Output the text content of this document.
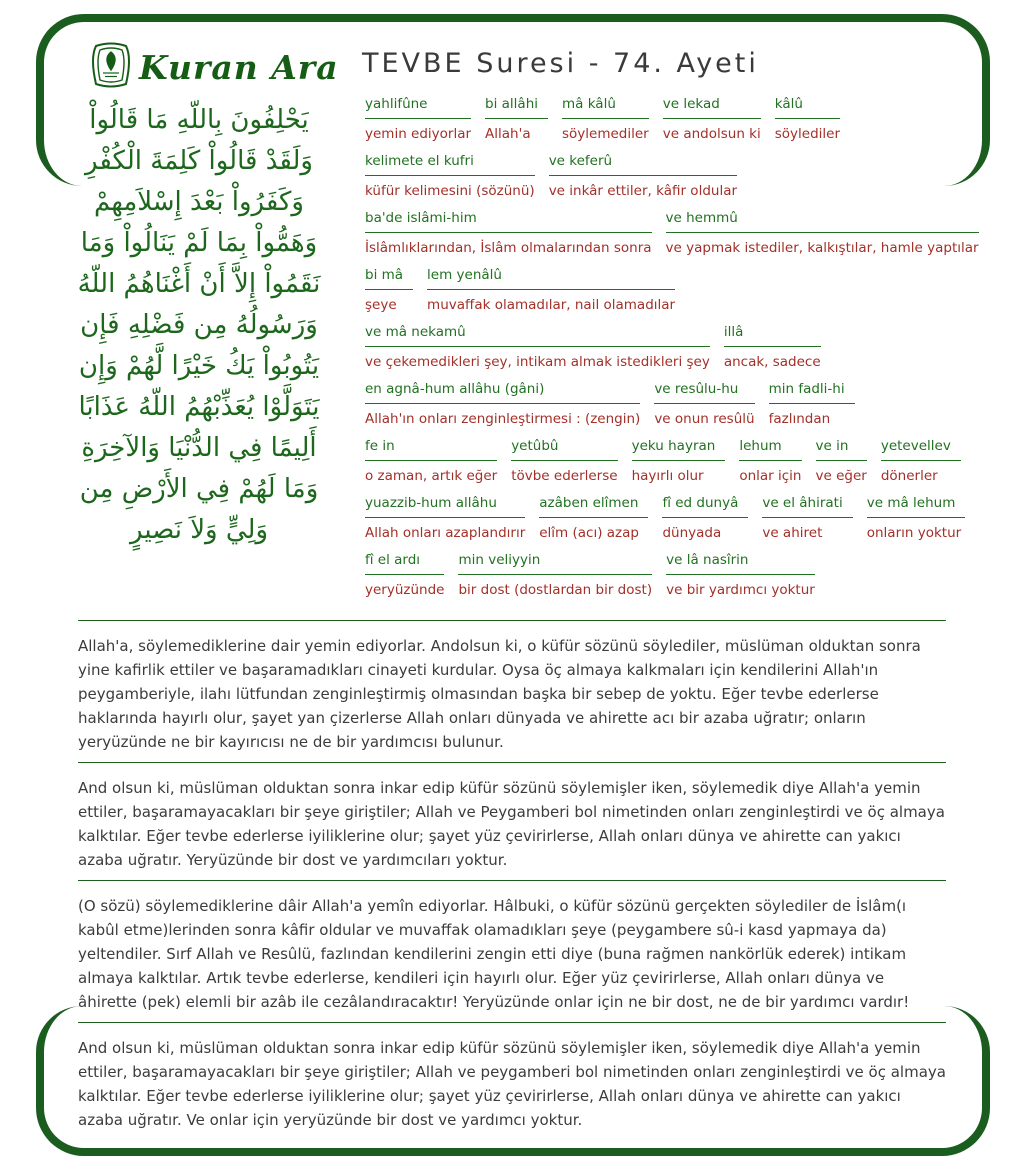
Kuran Ara TEVBE Suresi - 74. Ayeti
يَحْلِفُونَ بِاللّهِ مَا قَالُواْ
وَلَقَدْ قَالُواْ كَلِمَةَ الْكُفْرِ
وَكَفَرُواْ بَعْدَ إِسْلاَمِهِمْ
وَهَمُّواْ بِمَا لَمْ يَنَالُواْ وَمَا
نَقَمُواْ إِلاَّ أَنْ أَغْنَاهُمُ اللّهُ
وَرَسُولُهُ مِن فَضْلِهِ فَإِن
يَتُوبُواْ يَكُ خَيْرًا لَّهُمْ وَإِن
يَتَوَلَّوْا يُعَذِّبْهُمُ اللّهُ عَذَابًا
أَلِيمًا فِي الدُّنْيَا وَالآخِرَةِ
وَمَا لَهُمْ فِي الأَرْضِ مِن
وَلِيٍّ وَلاَ نَصِيرٍ
yahlifûne
yemin ediyorlar
bi allâhi
Allah'a
mâ kâlû
söylemediler
ve lekad
ve andolsun ki
kâlû
söylediler
kelimete el kufri
küfür kelimesini (sözünü)
ve keferû
ve inkâr ettiler, kâfir oldular
ba'de islâmi-him
İslâmlıklarından, İslâm olmalarından sonra
ve hemmû
ve yapmak istediler, kalkıştılar, hamle yaptılar
bi mâ
şeye
lem yenâlû
muvaffak olamadılar, nail olamadılar
ve mâ nekamû
ve çekemedikleri şey, intikam almak istedikleri şey
illâ
ancak, sadece
en agnâ-hum allâhu (gâni)
Allah'ın onları zenginleştirmesi : (zengin)
ve resûlu-hu
ve onun resûlü
min fadli-hi
fazlından
fe in
o zaman, artık eğer
yetûbû
tövbe ederlerse
yeku hayran
hayırlı olur
lehum
onlar için
ve in
ve eğer
yetevellev
dönerler
yuazzib-hum allâhu
Allah onları azaplandırır
azâben elîmen
elîm (acı) azap
fî ed dunyâ
dünyada
ve el âhirati
ve ahiret
ve mâ lehum
onların yoktur
fî el ardı
yeryüzünde
min veliyyin
bir dost (dostlardan bir dost)
ve lâ nasîrin
ve bir yardımcı yoktur

Allah'a, söylemediklerine dair yemin ediyorlar. Andolsun ki, o küfür sözünü söylediler, müslüman olduktan sonra yine kafirlik ettiler ve başaramadıkları cinayeti kurdular. Oysa öç almaya kalkmaları için kendilerini Allah'ın peygamberiyle, ilahı lütfundan zenginleştirmiş olmasından başka bir sebep de yoktu. Eğer tevbe ederlerse haklarında hayırlı olur, şayet yan çizerlerse Allah onları dünyada ve ahirette acı bir azaba uğratır; onların yeryüzünde ne bir kayırıcısı ne de bir yardımcısı bulunur.

And olsun ki, müslüman olduktan sonra inkar edip küfür sözünü söylemişler iken, söylemedik diye Allah'a yemin ettiler, başaramayacakları bir şeye giriştiler; Allah ve Peygamberi bol nimetinden onları zenginleştirdi ve öç almaya kalktılar. Eğer tevbe ederlerse iyiliklerine olur; şayet yüz çevirirlerse, Allah onları dünya ve ahirette can yakıcı azaba uğratır. Yeryüzünde bir dost ve yardımcıları yoktur.

(O sözü) söylemediklerine dâir Allah'a yemîn ediyorlar. Hâlbuki, o küfür sözünü gerçekten söylediler de İslâm(ı kabûl etme)lerinden sonra kâfir oldular ve muvaffak olamadıkları şeye (peygambere sû-i kasd yapmaya da) yeltendiler. Sırf Allah ve Resûlü, fazlından kendilerini zengin etti diye (buna rağmen nankörlük ederek) intikam almaya kalktılar. Artık tevbe ederlerse, kendileri için hayırlı olur. Eğer yüz çevirirlerse, Allah onları dünya ve âhirette (pek) elemli bir azâb ile cezâlandıracaktır! Yeryüzünde onlar için ne bir dost, ne de bir yardımcı vardır!

And olsun ki, müslüman olduktan sonra inkar edip küfür sözünü söylemişler iken, söylemedik diye Allah'a yemin ettiler, başaramayacakları bir şeye giriştiler; Allah ve peygamberi bol nimetinden onları zenginleştirdi ve öç almaya kalktılar. Eğer tevbe ederlerse iyiliklerine olur; şayet yüz çevirirlerse, Allah onları dünya ve ahirette can yakıcı azaba uğratır. Ve onlar için yeryüzünde bir dost ve yardımcı yoktur.
